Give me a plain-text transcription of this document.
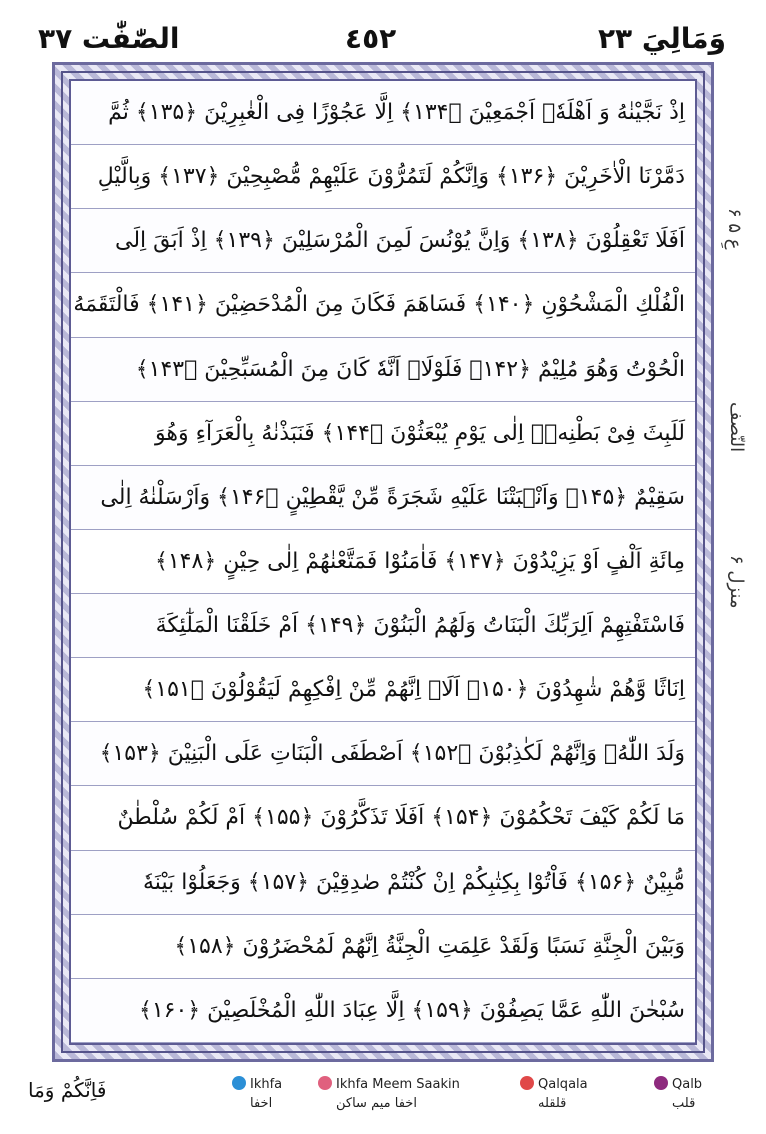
وَمَالِيَ ٢٣
٤٥٢
الصّٰفّٰت ٣٧
اِذْ نَجَّيْنٰهُ وَ اَهْلَهٗۤ اَجْمَعِيْنَ ﴿۱۳۴﴾ اِلَّا عَجُوْزًا فِی الْغٰبِرِيْنَ ﴿۱۳۵﴾ ثُمَّ
دَمَّرْنَا الْاٰخَرِيْنَ ﴿۱۳۶﴾ وَاِنَّكُمْ لَتَمُرُّوْنَ عَلَيْهِمْ مُّصْبِحِيْنَ ﴿۱۳۷﴾ وَبِالَّيْلِ
اَفَلَا تَعْقِلُوْنَ ﴿۱۳۸﴾ وَاِنَّ يُوْنُسَ لَمِنَ الْمُرْسَلِيْنَ ﴿۱۳۹﴾ اِذْ اَبَقَ اِلَى
الْفُلْكِ الْمَشْحُوْنِ ﴿۱۴۰﴾ فَسَاهَمَ فَكَانَ مِنَ الْمُدْحَضِيْنَ ﴿۱۴۱﴾ فَالْتَقَمَهُ
الْحُوْتُ وَهُوَ مُلِيْمٌ ﴿۱۴۲﴾ فَلَوْلَاۤ اَنَّهٗ كَانَ مِنَ الْمُسَبِّحِيْنَ ﴿۱۴۳﴾
لَلَبِثَ فِیْ بَطْنِهٖۤ اِلٰى يَوْمِ يُبْعَثُوْنَ ﴿۱۴۴﴾ فَنَبَذْنٰهُ بِالْعَرَآءِ وَهُوَ
سَقِيْمٌ ﴿۱۴۵﴾ وَاَنْۢبَتْنَا عَلَيْهِ شَجَرَةً مِّنْ يَّقْطِيْنٍ ﴿۱۴۶﴾ وَاَرْسَلْنٰهُ اِلٰى
مِائَةِ اَلْفٍ اَوْ يَزِيْدُوْنَ ﴿۱۴۷﴾ فَاٰمَنُوْا فَمَتَّعْنٰهُمْ اِلٰى حِيْنٍ ﴿۱۴۸﴾
فَاسْتَفْتِهِمْ اَلِرَبِّكَ الْبَنَاتُ وَلَهُمُ الْبَنُوْنَ ﴿۱۴۹﴾ اَمْ خَلَقْنَا الْمَلٰٓئِكَةَ
اِنَاثًا وَّهُمْ شٰهِدُوْنَ ﴿۱۵۰﴾ اَلَاۤ اِنَّهُمْ مِّنْ اِفْكِهِمْ لَيَقُوْلُوْنَ ﴿۱۵۱﴾
وَلَدَ اللّٰهُۙ وَاِنَّهُمْ لَكٰذِبُوْنَ ﴿۱۵۲﴾ اَصْطَفَى الْبَنَاتِ عَلَى الْبَنِيْنَ ﴿۱۵۳﴾
مَا لَكُمْ كَيْفَ تَحْكُمُوْنَ ﴿۱۵۴﴾ اَفَلَا تَذَكَّرُوْنَ ﴿۱۵۵﴾ اَمْ لَكُمْ سُلْطٰنٌ
مُّبِيْنٌ ﴿۱۵۶﴾ فَاْتُوْا بِكِتٰبِكُمْ اِنْ كُنْتُمْ صٰدِقِيْنَ ﴿۱۵۷﴾ وَجَعَلُوْا بَيْنَهٗ
وَبَيْنَ الْجِنَّةِ نَسَبًا وَلَقَدْ عَلِمَتِ الْجِنَّةُ اِنَّهُمْ لَمُحْضَرُوْنَ ﴿۱۵۸﴾
سُبْحٰنَ اللّٰهِ عَمَّا يَصِفُوْنَ ﴿۱۵۹﴾ اِلَّا عِبَادَ اللّٰهِ الْمُخْلَصِيْنَ ﴿۱۶۰﴾
عِ ۵ ۶
النّصف
منزل ۶
فَاِنَّكُمْ وَمَا	Ikhfa
اخفا
Ikhfa Meem Saakin
اخفا میم ساکن
Qalqala
قلقله
Qalb
قلب
